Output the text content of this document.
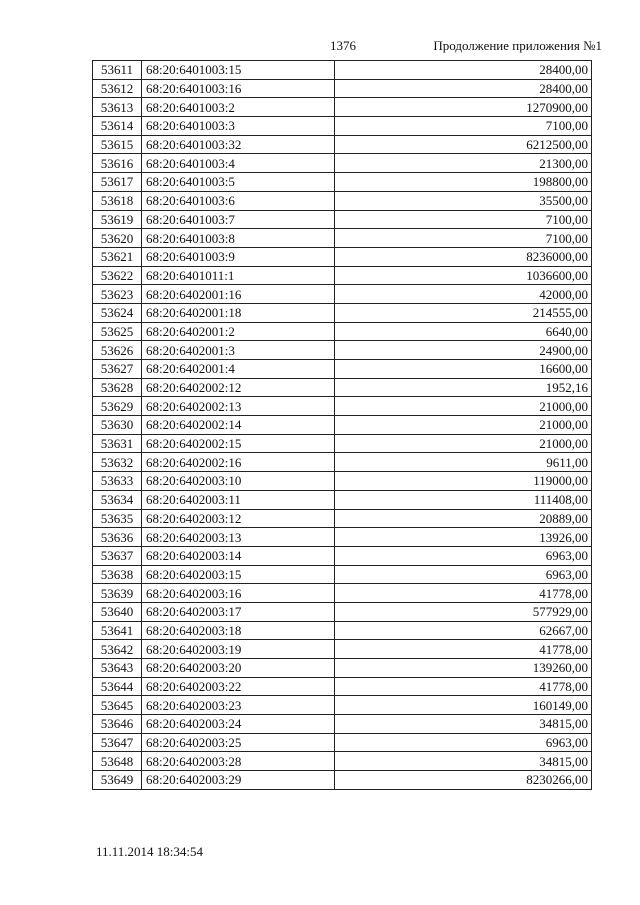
1376	Продолжение приложения №1
53611	68:20:6401003:15	28400,00
53612	68:20:6401003:16	28400,00
53613	68:20:6401003:2	1270900,00
53614	68:20:6401003:3	7100,00
53615	68:20:6401003:32	6212500,00
53616	68:20:6401003:4	21300,00
53617	68:20:6401003:5	198800,00
53618	68:20:6401003:6	35500,00
53619	68:20:6401003:7	7100,00
53620	68:20:6401003:8	7100,00
53621	68:20:6401003:9	8236000,00
53622	68:20:6401011:1	1036600,00
53623	68:20:6402001:16	42000,00
53624	68:20:6402001:18	214555,00
53625	68:20:6402001:2	6640,00
53626	68:20:6402001:3	24900,00
53627	68:20:6402001:4	16600,00
53628	68:20:6402002:12	1952,16
53629	68:20:6402002:13	21000,00
53630	68:20:6402002:14	21000,00
53631	68:20:6402002:15	21000,00
53632	68:20:6402002:16	9611,00
53633	68:20:6402003:10	119000,00
53634	68:20:6402003:11	111408,00
53635	68:20:6402003:12	20889,00
53636	68:20:6402003:13	13926,00
53637	68:20:6402003:14	6963,00
53638	68:20:6402003:15	6963,00
53639	68:20:6402003:16	41778,00
53640	68:20:6402003:17	577929,00
53641	68:20:6402003:18	62667,00
53642	68:20:6402003:19	41778,00
53643	68:20:6402003:20	139260,00
53644	68:20:6402003:22	41778,00
53645	68:20:6402003:23	160149,00
53646	68:20:6402003:24	34815,00
53647	68:20:6402003:25	6963,00
53648	68:20:6402003:28	34815,00
53649	68:20:6402003:29	8230266,00
11.11.2014 18:34:54
